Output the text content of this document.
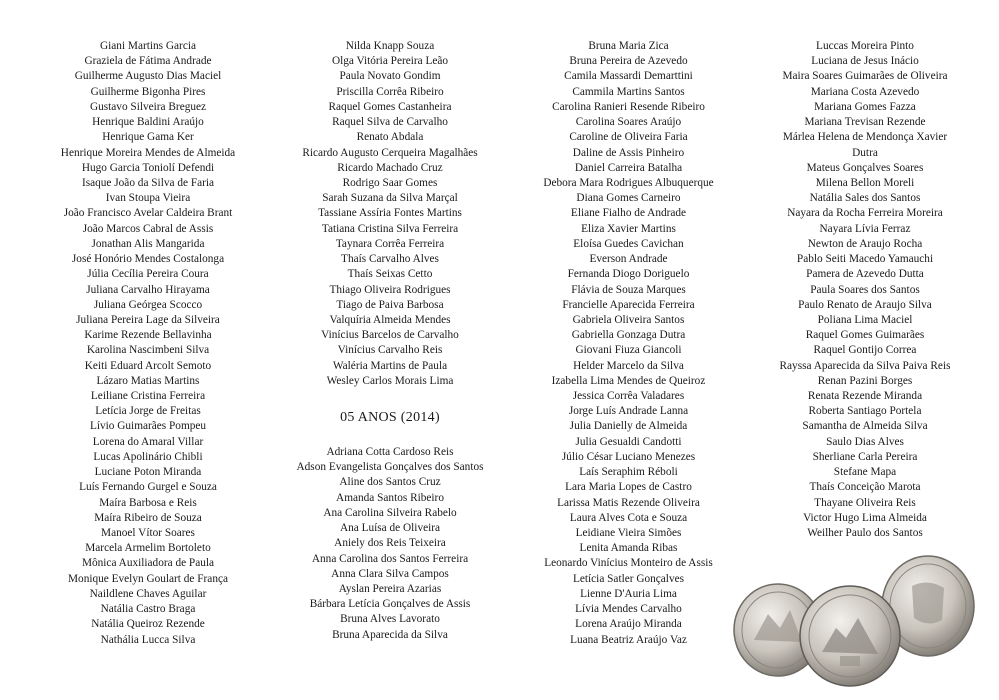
Giani Martins Garcia
Graziela de Fátima Andrade
Guilherme Augusto Dias Maciel
Guilherme Bigonha Pires
Gustavo Silveira Breguez
Henrique Baldini Araújo
Henrique Gama Ker
Henrique Moreira Mendes de Almeida
Hugo Garcia Toniolí Defendi
Isaque João da Silva de Faria
Ivan Stoupa Vieira
João Francisco Avelar Caldeira Brant
João Marcos Cabral de Assis
Jonathan Alis Mangarida
José Honório Mendes Costalonga
Júlia Cecília Pereira Coura
Juliana Carvalho Hirayama
Juliana Geórgea Scocco
Juliana Pereira Lage da Silveira
Karime Rezende Bellavinha
Karolina Nascimbeni Silva
Keiti Eduard Arcolt Semoto
Lázaro Matias Martins
Leiliane Cristina Ferreira
Letícia Jorge de Freitas
Lívio Guimarães Pompeu
Lorena do Amaral Villar
Lucas Apolinário Chibli
Luciane Poton Miranda
Luís Fernando Gurgel e Souza
Maíra Barbosa e Reis
Maíra Ribeiro de Souza
Manoel Vítor Soares
Marcela Armelim Bortoleto
Mônica Auxiliadora de Paula
Monique Evelyn Goulart de França
Naildlene Chaves Aguilar
Natália Castro Braga
Natália Queiroz Rezende
Nathália Lucca Silva
Nilda Knapp Souza
Olga Vitória Pereira Leão
Paula Novato Gondim
Priscilla Corrêa Ribeiro
Raquel Gomes Castanheira
Raquel Silva de Carvalho
Renato Abdala
Ricardo Augusto Cerqueira Magalhães
Ricardo Machado Cruz
Rodrigo Saar Gomes
Sarah Suzana da Silva Marçal
Tassiane Assíria Fontes Martins
Tatiana Cristina Silva Ferreira
Taynara Corrêa Ferreira
Thaís Carvalho Alves
Thaís Seixas Cetto
Thiago Oliveira Rodrigues
Tiago de Paiva Barbosa
Valquíria Almeida Mendes
Vinícius Barcelos de Carvalho
Vinícius Carvalho Reis
Waléria Martins de Paula
Wesley Carlos Morais Lima
05 ANOS (2014)
Adriana Cotta Cardoso Reis
Adson Evangelista Gonçalves dos Santos
Aline dos Santos Cruz
Amanda Santos Ribeiro
Ana Carolina Silveira Rabelo
Ana Luísa de Oliveira
Aniely dos Reis Teixeira
Anna Carolina dos Santos Ferreira
Anna Clara Silva Campos
Ayslan Pereira Azarias
Bárbara Letícia Gonçalves de Assis
Bruna Alves Lavorato
Bruna Aparecida da Silva
Bruna Maria Zica
Bruna Pereira de Azevedo
Camila Massardi Demarttini
Cammila Martins Santos
Carolina Ranieri Resende Ribeiro
Carolina Soares Araújo
Caroline de Oliveira Faria
Daline de Assis Pinheiro
Daniel Carreira Batalha
Debora Mara Rodrigues Albuquerque
Diana Gomes Carneiro
Eliane Fialho de Andrade
Eliza Xavier Martins
Eloísa Guedes Cavichan
Everson Andrade
Fernanda Diogo Doriguelo
Flávia de Souza Marques
Francielle Aparecida Ferreira
Gabriela Oliveira Santos
Gabriella Gonzaga Dutra
Giovani Fiuza Giancoli
Helder Marcelo da Silva
Izabella Lima Mendes de Queiroz
Jessica Corrêa Valadares
Jorge Luís Andrade Lanna
Julia Danielly de Almeida
Julia Gesualdi Candotti
Júlio César Luciano Menezes
Laís Seraphim Réboli
Lara Maria Lopes de Castro
Larissa Matis Rezende Oliveira
Laura Alves Cota e Souza
Leidiane Vieira Simões
Lenita Amanda Ribas
Leonardo Vinícius Monteiro de Assis
Letícia Satler Gonçalves
Lienne D'Auria Lima
Lívia Mendes Carvalho
Lorena Araújo Miranda
Luana Beatriz Araújo Vaz
Luccas Moreira Pinto
Luciana de Jesus Inácio
Maira Soares Guimarães de Oliveira
Mariana Costa Azevedo
Mariana Gomes Fazza
Mariana Trevisan Rezende
Márlea Helena de Mendonça Xavier
Dutra
Mateus Gonçalves Soares
Milena Bellon Moreli
Natália Sales dos Santos
Nayara da Rocha Ferreira Moreira
Nayara Lívia Ferraz
Newton de Araujo Rocha
Pablo Seiti Macedo Yamauchi
Pamera de Azevedo Dutta
Paula Soares dos Santos
Paulo Renato de Araujo Silva
Poliana Lima Maciel
Raquel Gomes Guimarães
Raquel Gontijo Correa
Rayssa Aparecida da Silva Paiva Reis
Renan Pazini Borges
Renata Rezende Miranda
Roberta Santiago Portela
Samantha de Almeida Silva
Saulo Dias Alves
Sherliane Carla Pereira
Stefane Mapa
Thaís Conceição Marota
Thayane Oliveira Reis
Victor Hugo Lima Almeida
Weilher Paulo dos Santos
